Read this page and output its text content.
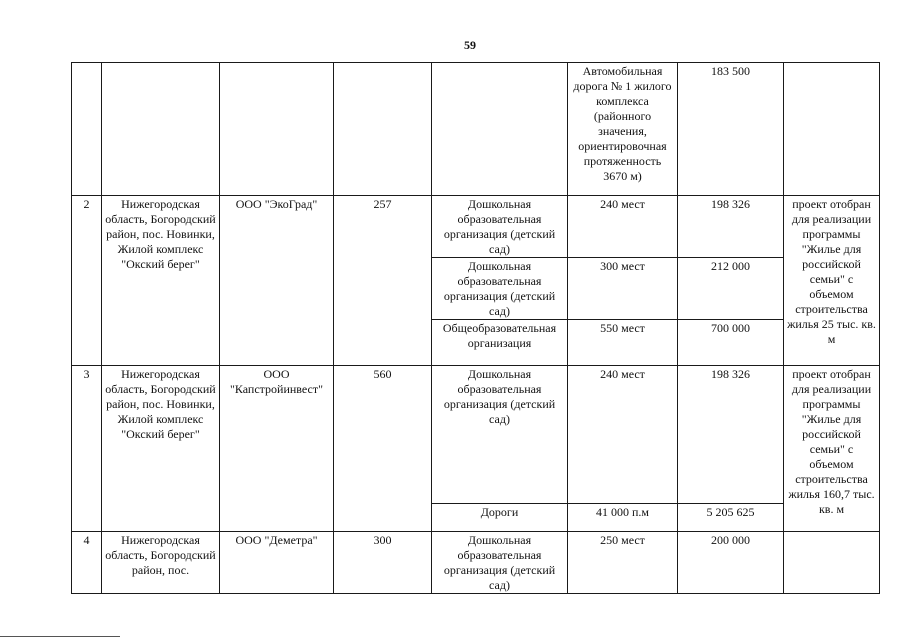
59
					Автомобильная дорога № 1 жилого комплекса (районного значения, ориентировочная протяженность 3670 м)	183 500	
2	Нижегородская область, Богородский район, пос. Новинки, Жилой комплекс "Окский берег"	ООО "ЭкоГрад"	257	Дошкольная образовательная организация (детский сад)	240 мест	198 326	проект отобран для реализации программы "Жилье для российской семьи" с объемом строительства жилья 25 тыс. кв. м
				Дошкольная образовательная организация (детский сад)	300 мест	212 000	
				Общеобразовательная организация	550 мест	700 000	
3	Нижегородская область, Богородский район, пос. Новинки, Жилой комплекс "Окский берег"	ООО "Капстройинвест"	560	Дошкольная образовательная организация (детский сад)	240 мест	198 326	проект отобран для реализации программы "Жилье для российской семьи" с объемом строительства жилья 160,7 тыс. кв. м
				Дороги	41 000 п.м	5 205 625	
4	Нижегородская область, Богородский район, пос.	ООО "Деметра"	300	Дошкольная образовательная организация (детский сад)	250 мест	200 000	
